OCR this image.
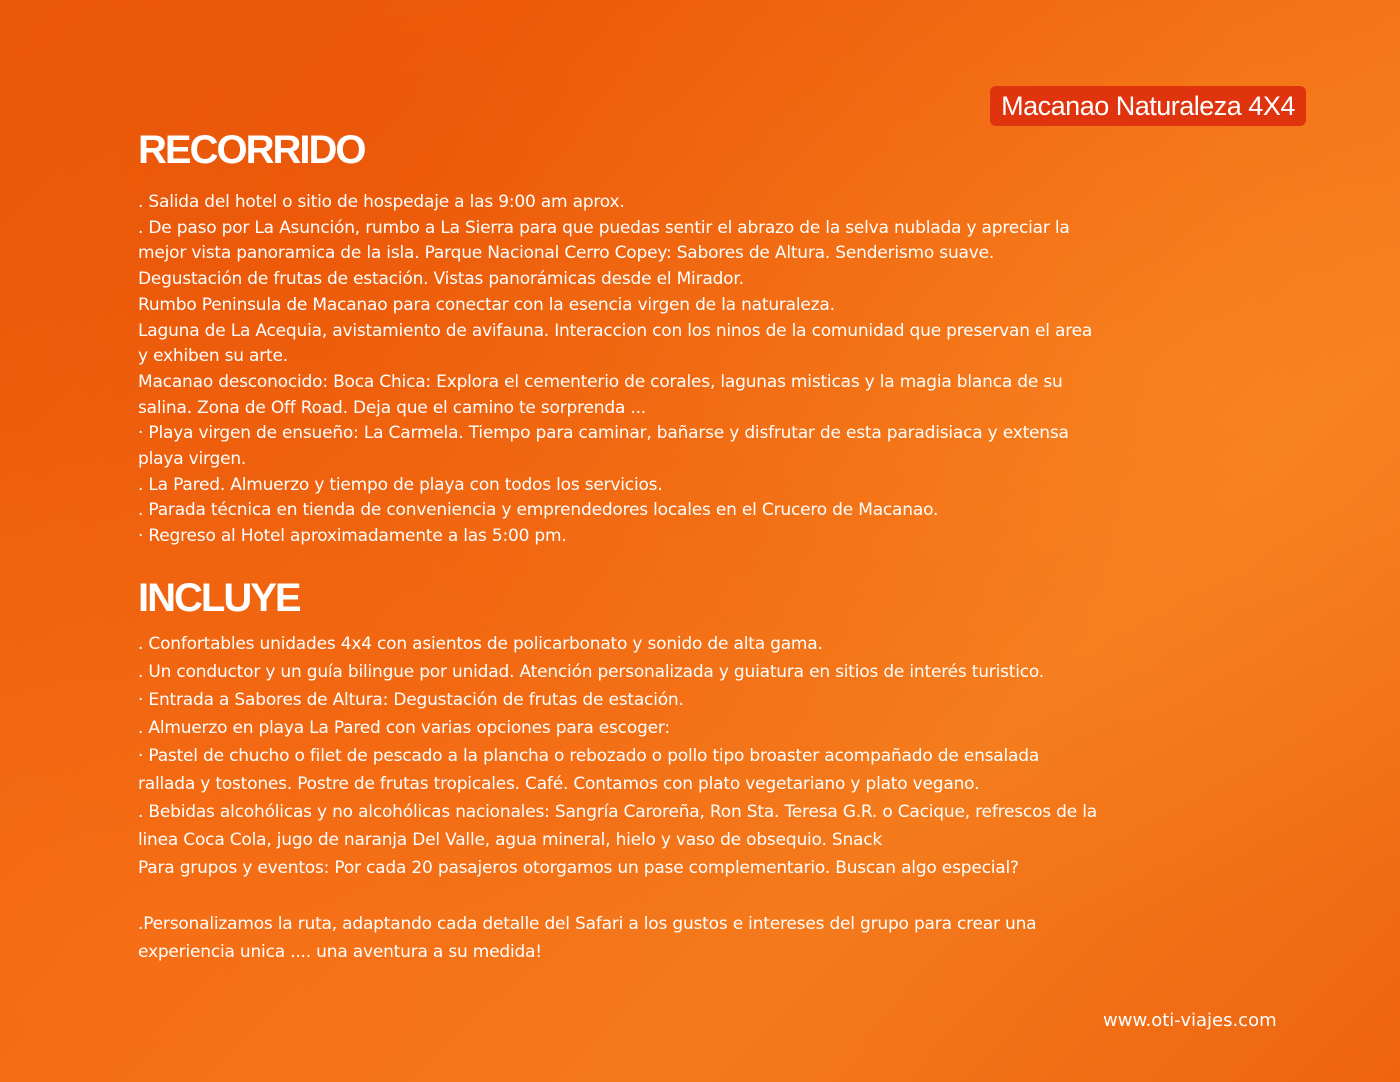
Macanao Naturaleza 4X4
RECORRIDO
. Salida del hotel o sitio de hospedaje a las 9:00 am aprox.
. De paso por La Asunción, rumbo a La Sierra para que puedas sentir el abrazo de la selva nublada y apreciar la
mejor vista panoramica de la isla. Parque Nacional Cerro Copey: Sabores de Altura. Senderismo suave.
Degustación de frutas de estación. Vistas panorámicas desde el Mirador.
Rumbo Peninsula de Macanao para conectar con la esencia virgen de la naturaleza.
Laguna de La Acequia, avistamiento de avifauna. Interaccion con los ninos de la comunidad que preservan el area
y exhiben su arte.
Macanao desconocido: Boca Chica: Explora el cementerio de corales, lagunas misticas y la magia blanca de su
salina. Zona de Off Road. Deja que el camino te sorprenda ...
· Playa virgen de ensueño: La Carmela. Tiempo para caminar, bañarse y disfrutar de esta paradisiaca y extensa
playa virgen.
. La Pared. Almuerzo y tiempo de playa con todos los servicios.
. Parada técnica en tienda de conveniencia y emprendedores locales en el Crucero de Macanao.
· Regreso al Hotel aproximadamente a las 5:00 pm.
INCLUYE
. Confortables unidades 4x4 con asientos de policarbonato y sonido de alta gama.
. Un conductor y un guía bilingue por unidad. Atención personalizada y guiatura en sitios de interés turistico.
· Entrada a Sabores de Altura: Degustación de frutas de estación.
. Almuerzo en playa La Pared con varias opciones para escoger:
· Pastel de chucho o filet de pescado a la plancha o rebozado o pollo tipo broaster acompañado de ensalada
rallada y tostones. Postre de frutas tropicales. Café. Contamos con plato vegetariano y plato vegano.
. Bebidas alcohólicas y no alcohólicas nacionales: Sangría Caroreña, Ron Sta. Teresa G.R. o Cacique, refrescos de la
linea Coca Cola, jugo de naranja Del Valle, agua mineral, hielo y vaso de obsequio. Snack
Para grupos y eventos: Por cada 20 pasajeros otorgamos un pase complementario. Buscan algo especial?
.Personalizamos la ruta, adaptando cada detalle del Safari a los gustos e intereses del grupo para crear una
experiencia unica .... una aventura a su medida!
www.oti-viajes.com
